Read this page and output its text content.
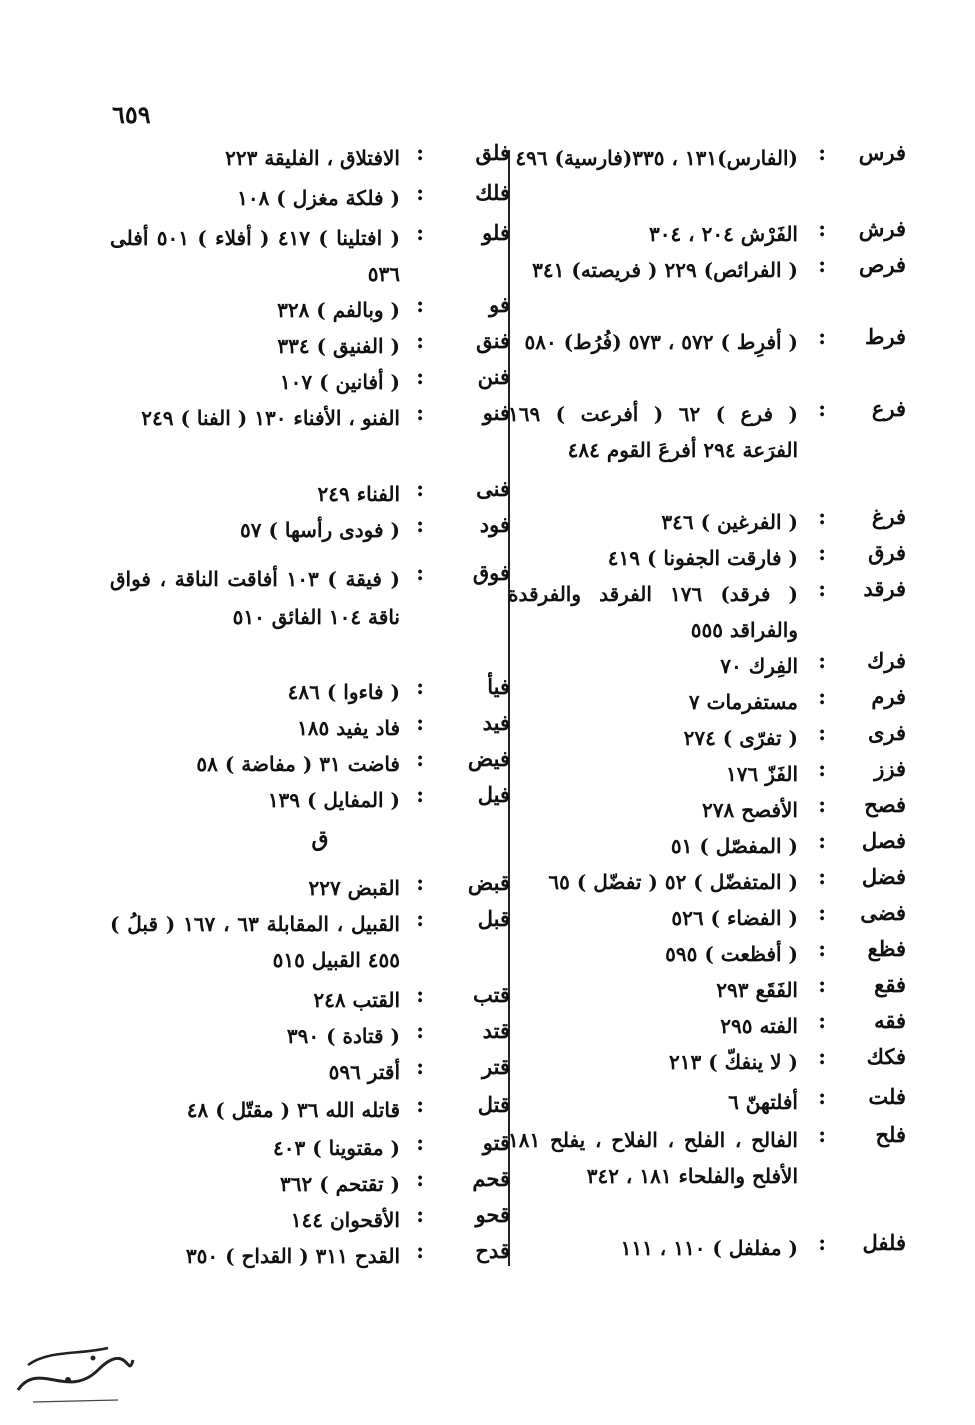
٦٥٩
فرس
:
(الفارس)١٣١ ، ٣٣٥(فارسية) ٤٩٦
فرش
:
الفَرْش ٢٠٤ ، ٣٠٤
فرص
:
( الفرائص) ٢٢٩ ( فريصته) ٣٤١
فرط
:
( أفرِط ) ٥٧٢ ، ٥٧٣ (فُرُط) ٥٨٠
فرع
:
( فرع ) ٦٢ ( أفرعت ) ١٦٩ الفرَعة ٢٩٤ أفرعَ القوم ٤٨٤
فرغ
:
( الفرغين ) ٣٤٦
فرق
:
( فارقت الجفونا ) ٤١٩
فرقد
:
( فرقد) ١٧٦ الفرقد والفرقدة والفراقد ٥٥٥
فرك
:
الفِرك ٧٠
فرم
:
مستفرمات ٧
فرى
:
( تفرّى ) ٢٧٤
فزز
:
الفَزّ ١٧٦
فصح
:
الأفصح ٢٧٨
فصل
:
( المفصّل ) ٥١
فضل
:
( المتفضّل ) ٥٢ ( تفضّل ) ٦٥
فضى
:
( الفضاء ) ٥٢٦
فظع
:
( أفظعت ) ٥٩٥
فقع
:
الفَقَع ٢٩٣
فقه
:
الفته ٢٩٥
فكك
:
( لا ينفكّ ) ٢١٣
فلت
:
أفلتهنّ ٦
فلح
:
الفالح ، الفلح ، الفلاح ، يفلح ١٨١ الأفلح والفلحاء ١٨١ ، ٣٤٢
فلفل
:
( مفلفل ) ١١٠ ، ١١١
فلق
:
الافتلاق ، الفليقة ٢٢٣
فلك
:
( فلكة مغزل ) ١٠٨
فلو
:
( افتلينا ) ٤١٧ ( أفلاء ) ٥٠١ أفلى ٥٣٦
فو
:
( وبالفم ) ٣٢٨
فنق
:
( الفنيق ) ٣٣٤
فنن
:
( أفانين ) ١٠٧
فنو
:
الفنو ، الأفناء ١٣٠ ( الفنا ) ٢٤٩
فنى
:
الفناء ٢٤٩
فود
:
( فودى رأسها ) ٥٧
فوق
:
( فيقة ) ١٠٣ أفاقت الناقة ، فواق ناقة ١٠٤ الفائق ٥١٠
فيأ
:
( فاءوا ) ٤٨٦
فيد
:
فاد يفيد ١٨٥
فيض
:
فاضت ٣١ ( مفاضة ) ٥٨
فيل
:
( المفايل ) ١٣٩
قبض
:
القبض ٢٢٧
قبل
:
القبيل ، المقابلة ٦٣ ، ١٦٧ ( قبلُ ) ٤٥٥ القبيل ٥١٥
قتب
:
القتب ٢٤٨
قتد
:
( قتادة ) ٣٩٠
قتر
:
أقتر ٥٩٦
قتل
:
قاتله الله ٣٦ ( مقتّل ) ٤٨
قتو
:
( مقتوينا ) ٤٠٣
قحم
:
( تقتحم ) ٣٦٢
قحو
:
الأقحوان ١٤٤
قدح
:
القدح ٣١١ ( القداح ) ٣٥٠
ق
